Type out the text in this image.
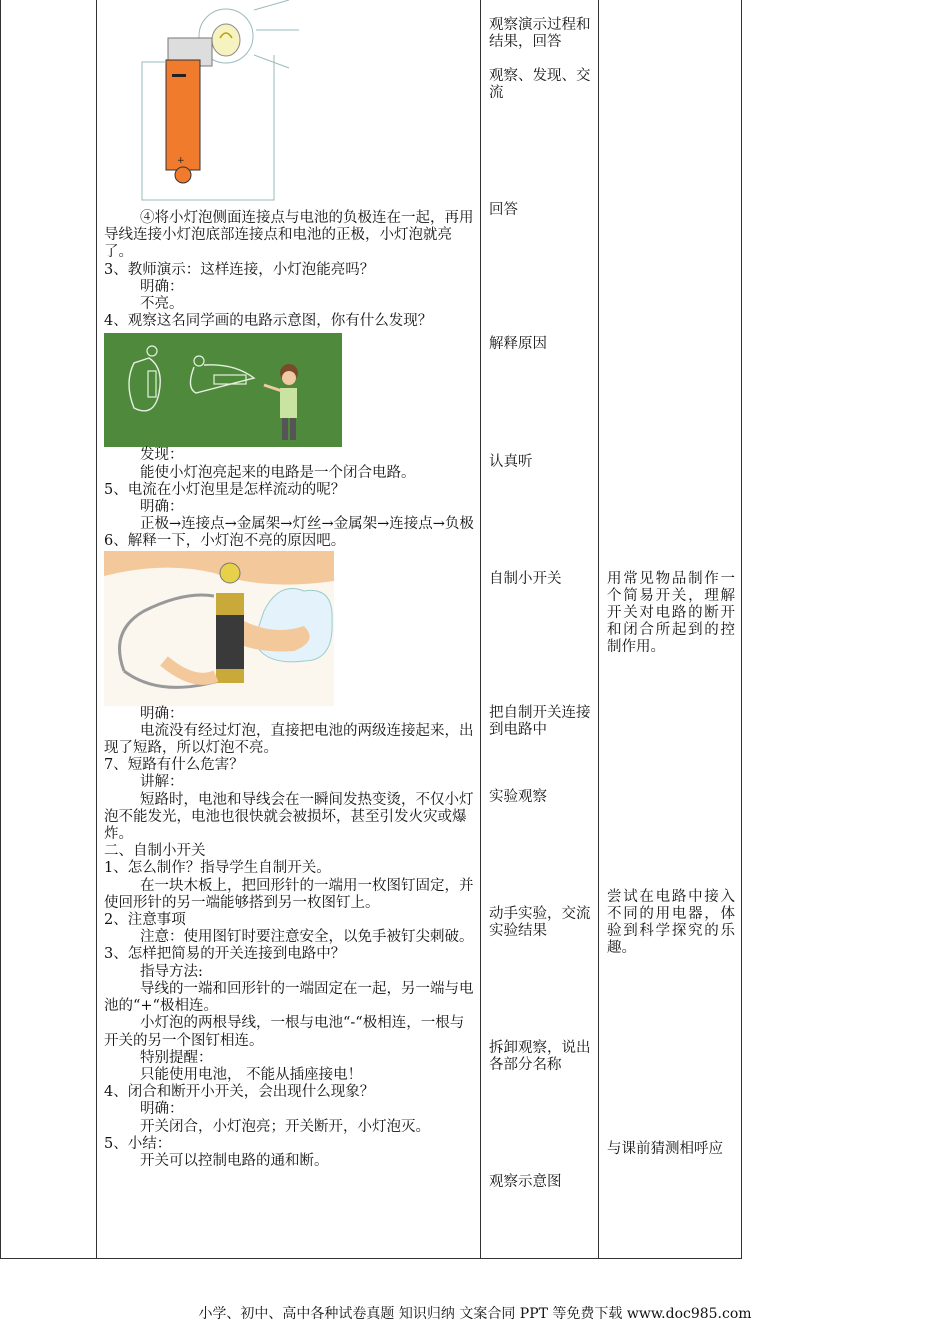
+

④将小灯泡侧面连接点与电池的负极连在一起，再用导线连接小灯泡底部连接点和电池的正极，小灯泡就亮了。

3、教师演示：这样连接，小灯泡能亮吗？

明确：

不亮。

4、观察这名同学画的电路示意图，你有什么发现？

发现：

能使小灯泡亮起来的电路是一个闭合电路。

5、电流在小灯泡里是怎样流动的呢？

明确：

正极→连接点→金属架→灯丝→金属架→连接点→负极

6、解释一下，小灯泡不亮的原因吧。

明确：

电流没有经过灯泡，直接把电池的两级连接起来，出现了短路，所以灯泡不亮。

7、短路有什么危害？

讲解：

短路时，电池和导线会在一瞬间发热变烫，不仅小灯泡不能发光，电池也很快就会被损坏，甚至引发火灾或爆炸。

二、自制小开关

1、怎么制作？指导学生自制开关。

在一块木板上，把回形针的一端用一枚图钉固定，并使回形针的另一端能够搭到另一枚图钉上。

2、注意事项

注意：使用图钉时要注意安全，以免手被钉尖刺破。

3、怎样把简易的开关连接到电路中？

指导方法:

导线的一端和回形针的一端固定在一起，另一端与电池的“+“极相连。

小灯泡的两根导线，一根与电池“-“极相连，一根与开关的另一个图钉相连。

特别提醒：

只能使用电池， 不能从插座接电！

4、闭合和断开小开关，会出现什么现象？

明确：

开关闭合，小灯泡亮；开关断开，小灯泡灭。

5、小结：

开关可以控制电路的通和断。

观察演示过程和结果，回答
观察、发现、交流
回答
解释原因
认真听
自制小开关
把自制开关连接到电路中
实验观察
动手实验，交流实验结果
拆卸观察，说出各部分名称
观察示意图
用常见物品制作一个简易开关，理解开关对电路的断开和闭合所起到的控制作用。
尝试在电路中接入不同的用电器，体验到科学探究的乐趣。
与课前猜测相呼应
小学、初中、高中各种试卷真题 知识归纳 文案合同 PPT 等免费下载 www.doc985.com
